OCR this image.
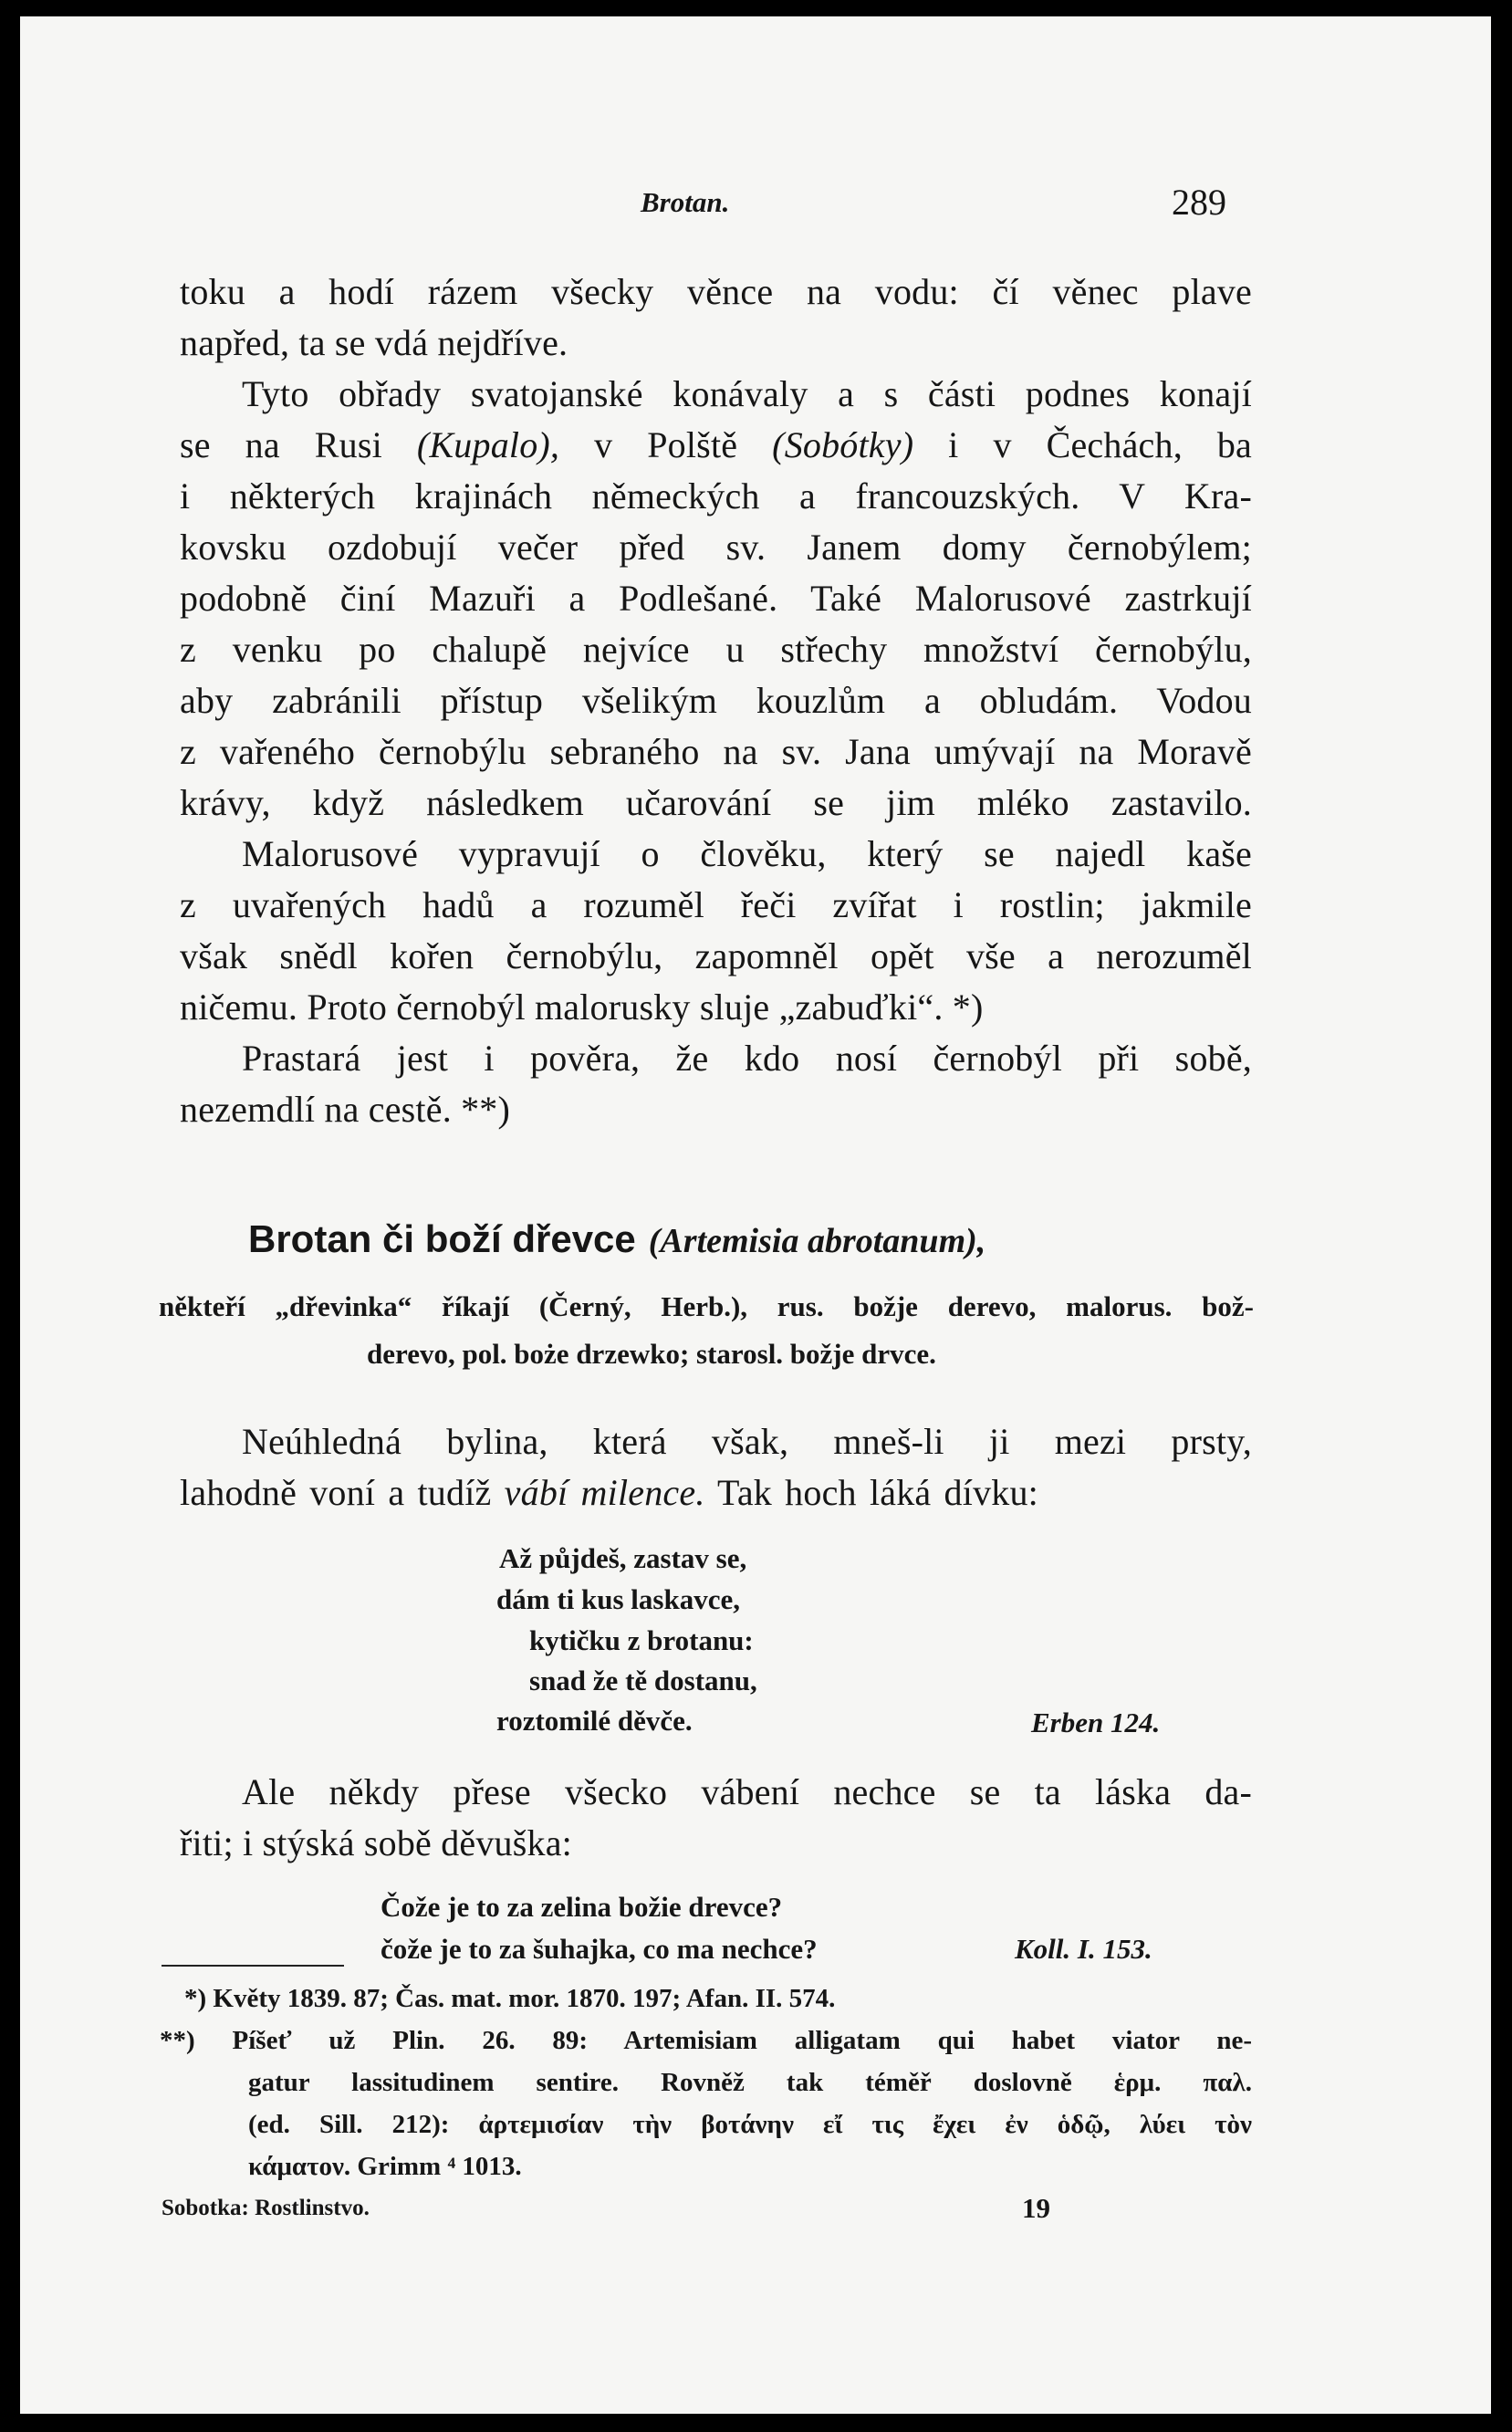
Brotan.	289

toku a hodí rázem všecky věnce na vodu: čí věnec plave

napřed, ta se vdá nejdříve.

Tyto obřady svatojanské konávaly a s části podnes konají

se na Rusi (Kupalo), v Polště (Sobótky) i v Čechách, ba

i některých krajinách německých a francouzských. V Kra-

kovsku ozdobují večer před sv. Janem domy černobýlem;

podobně činí Mazuři a Podlešané. Také Malorusové zastrkují

z venku po chalupě nejvíce u střechy množství černobýlu,

aby zabránili přístup všelikým kouzlům a obludám. Vodou

z vařeného černobýlu sebraného na sv. Jana umývají na Moravě

krávy, když následkem učarování se jim mléko zastavilo.

Malorusové vypravují o člověku, který se najedl kaše

z uvařených hadů a rozuměl řeči zvířat i rostlin; jakmile

však snědl kořen černobýlu, zapomněl opět vše a nerozuměl

ničemu. Proto černobýl malorusky sluje „zabuďki“. *)

Prastará jest i pověra, že kdo nosí černobýl při sobě,

nezemdlí na cestě. **)

Brotan či boží dřevce (Artemisia abrotanum),

někteří „dřevinka“ říkají (Černý, Herb.), rus. božje derevo, malorus. bož-

derevo, pol. boże drzewko; starosl. božje drvce.

Neúhledná bylina, která však, mneš-li ji mezi prsty,

lahodně voní a tudíž vábí milence. Tak hoch láká dívku:

Až půjdeš, zastav se,

dám ti kus laskavce,

kytičku z brotanu:

snad že tě dostanu,

roztomilé děvče.	Erben 124.

Ale někdy přese všecko vábení nechce se ta láska da-

řiti; i stýská sobě děvuška:

Čože je to za zelina božie drevce?

čože je to za šuhajka, co ma nechce?	Koll. I. 153.

*) Květy 1839. 87; Čas. mat. mor. 1870. 197; Afan. II. 574.

**) Píšeť už Plin. 26. 89: Artemisiam alligatam qui habet viator ne-

gatur lassitudinem sentire. Rovněž tak téměř doslovně ἑρμ. παλ.

(ed. Sill. 212): ἀρτεμισίαν τὴν βοτάνην εἴ τις ἔχει ἐν ὁδῷ, λύει τὸν

κάματον. Grimm ⁴ 1013.

Sobotka: Rostlinstvo.	19
